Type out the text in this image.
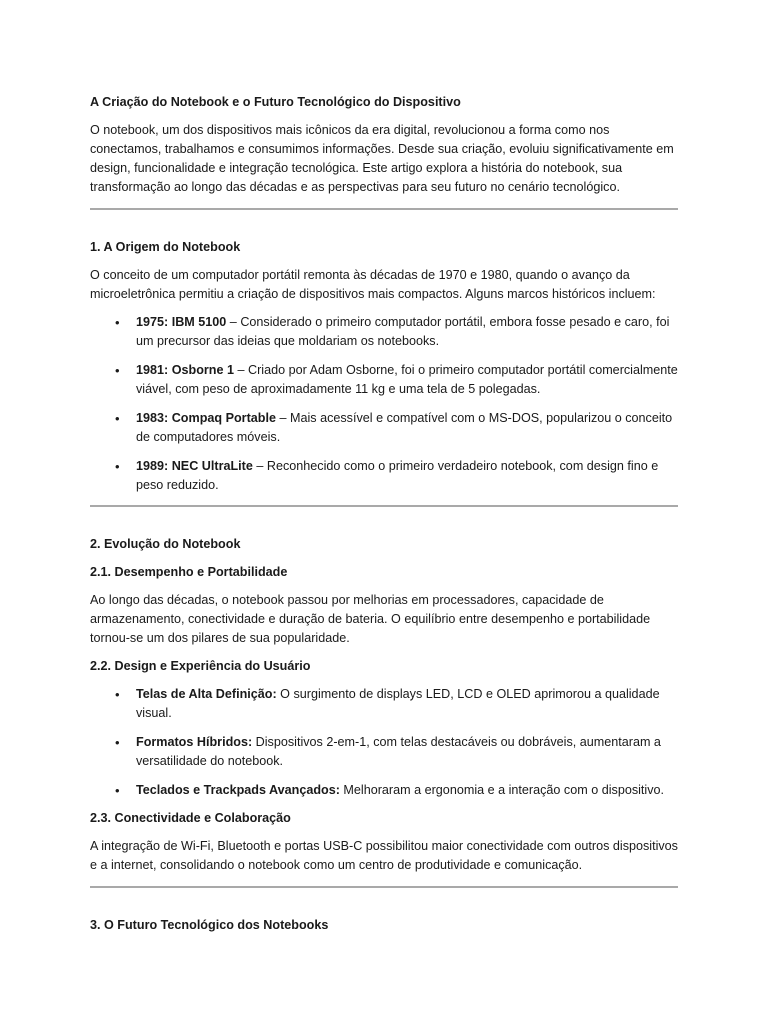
A Criação do Notebook e o Futuro Tecnológico do Dispositivo

O notebook, um dos dispositivos mais icônicos da era digital, revolucionou a forma como nos conectamos, trabalhamos e consumimos informações. Desde sua criação, evoluiu significativamente em design, funcionalidade e integração tecnológica. Este artigo explora a história do notebook, sua transformação ao longo das décadas e as perspectivas para seu futuro no cenário tecnológico.

1. A Origem do Notebook

O conceito de um computador portátil remonta às décadas de 1970 e 1980, quando o avanço da microeletrônica permitiu a criação de dispositivos mais compactos. Alguns marcos históricos incluem:

• 1975: IBM 5100 – Considerado o primeiro computador portátil, embora fosse pesado e caro, foi um precursor das ideias que moldariam os notebooks.
• 1981: Osborne 1 – Criado por Adam Osborne, foi o primeiro computador portátil comercialmente viável, com peso de aproximadamente 11 kg e uma tela de 5 polegadas.
• 1983: Compaq Portable – Mais acessível e compatível com o MS-DOS, popularizou o conceito de computadores móveis.
• 1989: NEC UltraLite – Reconhecido como o primeiro verdadeiro notebook, com design fino e peso reduzido.
2. Evolução do Notebook
2.1. Desempenho e Portabilidade

Ao longo das décadas, o notebook passou por melhorias em processadores, capacidade de armazenamento, conectividade e duração de bateria. O equilíbrio entre desempenho e portabilidade tornou-se um dos pilares de sua popularidade.

2.2. Design e Experiência do Usuário
• Telas de Alta Definição: O surgimento de displays LED, LCD e OLED aprimorou a qualidade visual.
• Formatos Híbridos: Dispositivos 2-em-1, com telas destacáveis ou dobráveis, aumentaram a versatilidade do notebook.
• Teclados e Trackpads Avançados: Melhoraram a ergonomia e a interação com o dispositivo.
2.3. Conectividade e Colaboração

A integração de Wi-Fi, Bluetooth e portas USB-C possibilitou maior conectividade com outros dispositivos e a internet, consolidando o notebook como um centro de produtividade e comunicação.

3. O Futuro Tecnológico dos Notebooks
